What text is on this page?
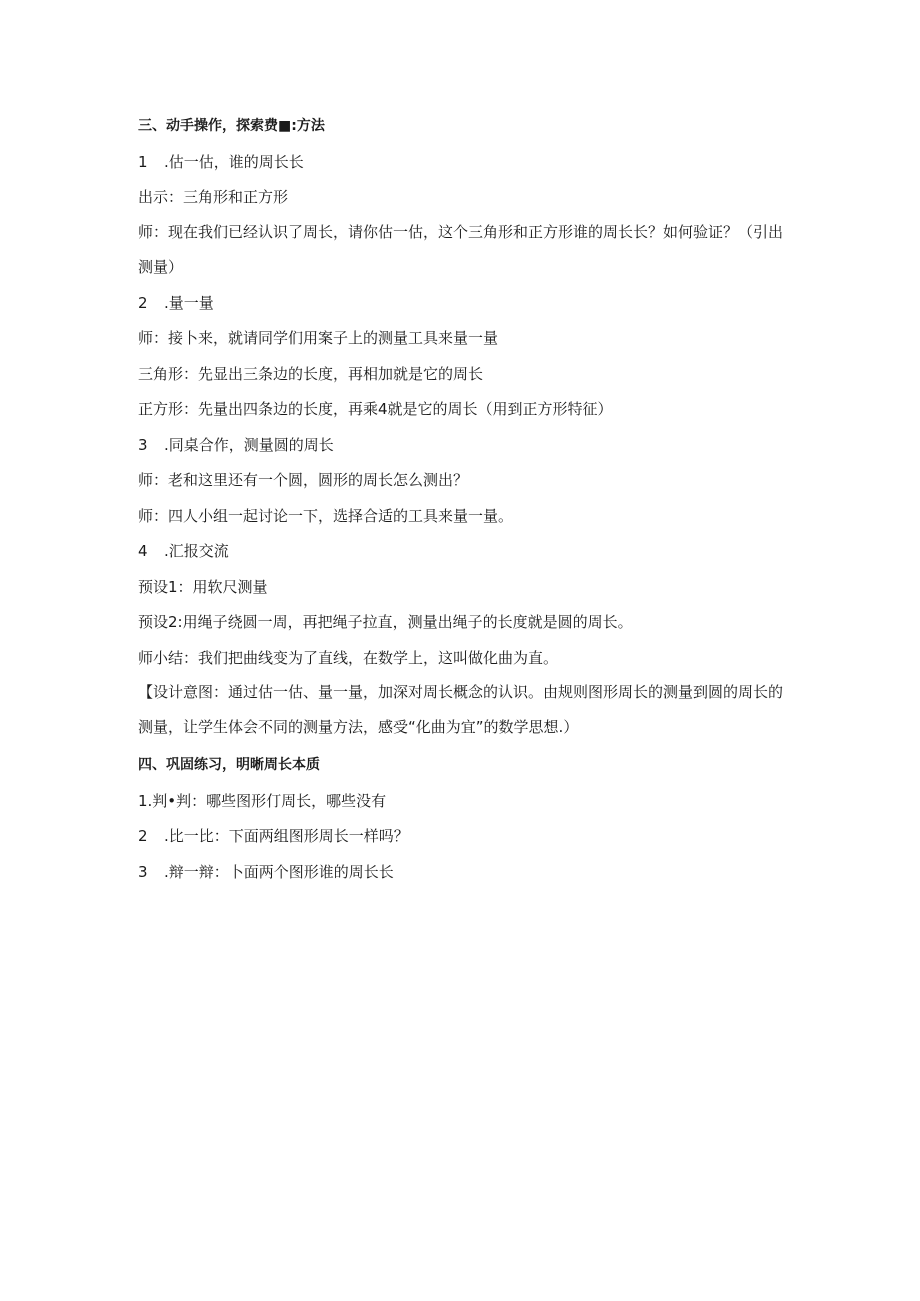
三、动手操作，探索费■:方法
1 .估一估，谁的周长长
出示：三角形和正方形
师：现在我们已经认识了周长，请你估一估，这个三角形和正方形谁的周长长？如何验证？（引出测量）
2 .量一量
师：接卜来，就请同学们用案子上的测量工具来量一量
三角形：先显出三条边的长度，再相加就是它的周长
正方形：先量出四条边的长度，再乘4就是它的周长（用到正方形特征）
3 .同桌合作，测量圆的周长
师：老和这里还有一个圆，圆形的周长怎么测出？
师：四人小组一起讨论一下，选择合适的工具来量一量。
4 .汇报交流
预设1：用软尺测量
预设2:用绳子绕圆一周，再把绳子拉直，测量出绳子的长度就是圆的周长。
师小结：我们把曲线变为了直线，在数学上，这叫做化曲为直。
【设计意图：通过估一估、量一量，加深对周长概念的认识。由规则图形周长的测量到圆的周长的测量，让学生体会不同的测量方法，感受“化曲为宜”的数学思想.）
四、巩固练习，明晰周长本质
1.判•判：哪些图形仃周长，哪些没有
2 .比一比：下面两组图形周长一样吗？
3 .辩一辩：卜面两个图形谁的周长长
